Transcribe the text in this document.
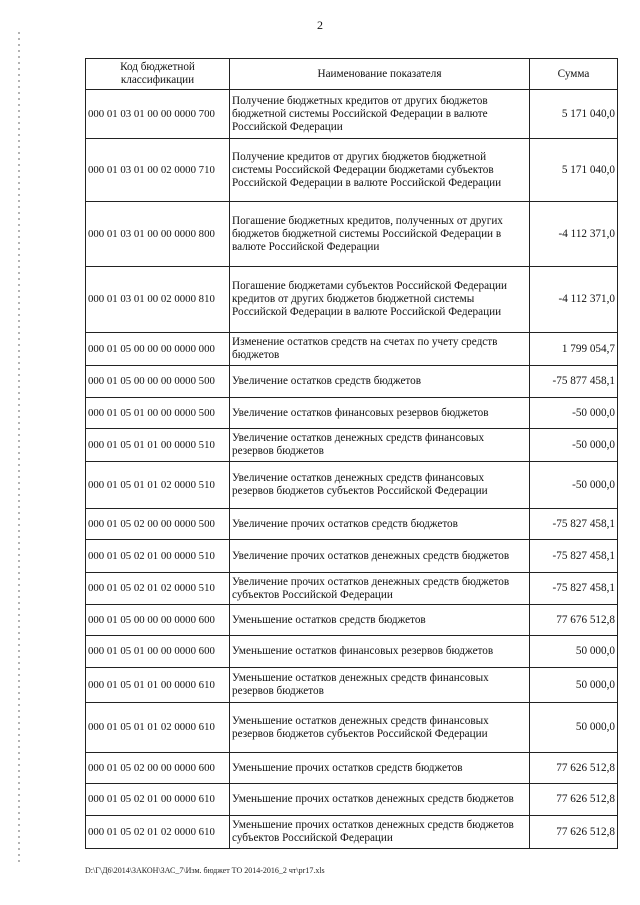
2
Код бюджетной классификации	Наименование показателя	Сумма
000 01 03 01 00 00 0000 700	Получение бюджетных кредитов от других бюджетов бюджетной системы Российской Федерации в валюте Российской Федерации	5 171 040,0
000 01 03 01 00 02 0000 710	Получение кредитов от других бюджетов бюджетной системы Российской Федерации бюджетами субъектов Российской Федерации в валюте Российской Федерации	5 171 040,0
000 01 03 01 00 00 0000 800	Погашение бюджетных кредитов, полученных от других бюджетов бюджетной системы Российской Федерации в валюте Российской Федерации	-4 112 371,0
000 01 03 01 00 02 0000 810	Погашение бюджетами субъектов Российской Федерации кредитов от других бюджетов бюджетной системы Российской Федерации в валюте Российской Федерации	-4 112 371,0
000 01 05 00 00 00 0000 000	Изменение остатков средств на счетах по учету средств бюджетов	1 799 054,7
000 01 05 00 00 00 0000 500	Увеличение остатков средств бюджетов	-75 877 458,1
000 01 05 01 00 00 0000 500	Увеличение остатков финансовых резервов бюджетов	-50 000,0
000 01 05 01 01 00 0000 510	Увеличение остатков денежных средств финансовых резервов бюджетов	-50 000,0
000 01 05 01 01 02 0000 510	Увеличение остатков денежных средств финансовых резервов бюджетов субъектов Российской Федерации	-50 000,0
000 01 05 02 00 00 0000 500	Увеличение прочих остатков средств бюджетов	-75 827 458,1
000 01 05 02 01 00 0000 510	Увеличение прочих остатков денежных средств бюджетов	-75 827 458,1
000 01 05 02 01 02 0000 510	Увеличение прочих остатков денежных средств бюджетов субъектов Российской Федерации	-75 827 458,1
000 01 05 00 00 00 0000 600	Уменьшение остатков средств бюджетов	77 676 512,8
000 01 05 01 00 00 0000 600	Уменьшение остатков финансовых резервов бюджетов	50 000,0
000 01 05 01 01 00 0000 610	Уменьшение остатков денежных средств финансовых резервов бюджетов	50 000,0
000 01 05 01 01 02 0000 610	Уменьшение остатков денежных средств финансовых резервов бюджетов субъектов Российской Федерации	50 000,0
000 01 05 02 00 00 0000 600	Уменьшение прочих остатков средств бюджетов	77 626 512,8
000 01 05 02 01 00 0000 610	Уменьшение прочих остатков денежных средств бюджетов	77 626 512,8
000 01 05 02 01 02 0000 610	Уменьшение прочих остатков денежных средств бюджетов субъектов Российской Федерации	77 626 512,8
D:\Г\Д6\2014\ЗАКОН\ЗАС_7\Изм. бюджет ТО 2014-2016_2 чт\pr17.xls
